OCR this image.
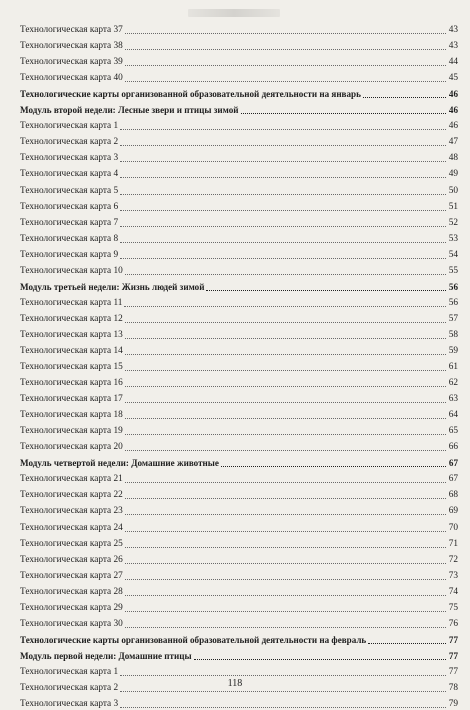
Технологическая карта 37	43
Технологическая карта 38	43
Технологическая карта 39	44
Технологическая карта 40	45
Технологические карты организованной образовательной деятельности на январь	46
Модуль второй недели: Лесные звери и птицы зимой	46
Технологическая карта 1	46
Технологическая карта 2	47
Технологическая карта 3	48
Технологическая карта 4	49
Технологическая карта 5	50
Технологическая карта 6	51
Технологическая карта 7	52
Технологическая карта 8	53
Технологическая карта 9	54
Технологическая карта 10	55
Модуль третьей недели: Жизнь людей зимой	56
Технологическая карта 11	56
Технологическая карта 12	57
Технологическая карта 13	58
Технологическая карта 14	59
Технологическая карта 15	61
Технологическая карта 16	62
Технологическая карта 17	63
Технологическая карта 18	64
Технологическая карта 19	65
Технологическая карта 20	66
Модуль четвертой недели: Домашние животные	67
Технологическая карта 21	67
Технологическая карта 22	68
Технологическая карта 23	69
Технологическая карта 24	70
Технологическая карта 25	71
Технологическая карта 26	72
Технологическая карта 27	73
Технологическая карта 28	74
Технологическая карта 29	75
Технологическая карта 30	76
Технологические карты организованной образовательной деятельности на февраль	77
Модуль первой недели: Домашние птицы	77
Технологическая карта 1	77
Технологическая карта 2	78
Технологическая карта 3	79
118
